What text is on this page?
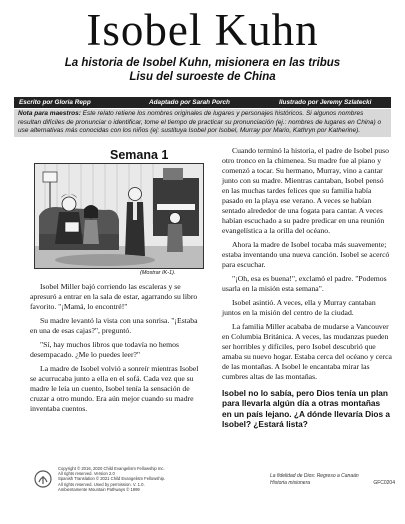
Isobel Kuhn
La historia de Isobel Kuhn, misionera en las tribus
Lisu del suroeste de China
Escrito por Gloria Repp	Adaptado por Sarah Porch	Ilustrado por Jeremy Szlatecki
Nota para maestros: Este relato retiene los nombres originales de lugares y personajes históricos. Si algunos nombres resultan difíciles de pronunciar o identificar, tome el tiempo de practicar su pronunciación (ej.: nombres de lugares en China) o use alternativas más conocidas con los niños (ej: sustituya Isobel por Isobel, Murray por Mario, Kathryn por Katherine).
Semana 1
(Mostrar IK-1).

Isobel Miller bajó corriendo las escaleras y se apresuró a entrar en la sala de estar, agarrando su libro favorito. "¡Mamá, lo encontré!"

Su madre levantó la vista con una sonrisa. "¡Estaba en una de esas cajas?", preguntó.

"Sí, hay muchos libros que todavía no hemos desempacado. ¿Me lo puedes leer?"

La madre de Isobel volvió a sonreír mientras Isobel se acurrucaba junto a ella en el sofá. Cada vez que su madre le leía un cuento, Isobel tenía la sensación de cruzar a otro mundo. Era aún mejor cuando su madre inventaba cuentos.

Cuando terminó la historia, el padre de Isobel puso otro tronco en la chimenea. Su madre fue al piano y comenzó a tocar. Su hermano, Murray, vino a cantar junto con su madre. Mientras cantaban, Isobel pensó en las muchas tardes felices que su familia había pasado en la playa ese verano. A veces se habían sentado alrededor de una fogata para cantar. A veces habían escuchado a su padre predicar en una reunión evangelística a la orilla del océano.

Ahora la madre de Isobel tocaba más suavemente; estaba inventando una nueva canción. Isobel se acercó para escuchar.

"¡Oh, esa es buena!", exclamó el padre. "Podemos usarla en la misión esta semana".

Isobel asintió. A veces, ella y Murray cantaban juntos en la misión del centro de la ciudad.

La familia Miller acababa de mudarse a Vancouver en Columbia Británica. A veces, las mudanzas pueden ser horribles y difíciles, pero Isobel descubrió que amaba su nuevo hogar. Estaba cerca del océano y cerca de las montañas. A Isobel le encantaba mirar las cumbres altas de las montañas.

Isobel no lo sabía, pero Dios tenía un plan para llevarla algún día a otras montañas en un país lejano. ¿A dónde llevaría Dios a Isobel? ¿Estará lista?
Copyright © 2016, 2020 Child Evangelism Fellowship Inc.
All rights reserved. Version 2.0
Spanish Translation © 2021 Child Evangelism Fellowship.
All rights reserved. Used by permission. V. 1.0.
Ambientamente Mountain Pathways © 1999
La fidelidad de Dios: Regreso a Canaán
Historia misionera	GFC0204
